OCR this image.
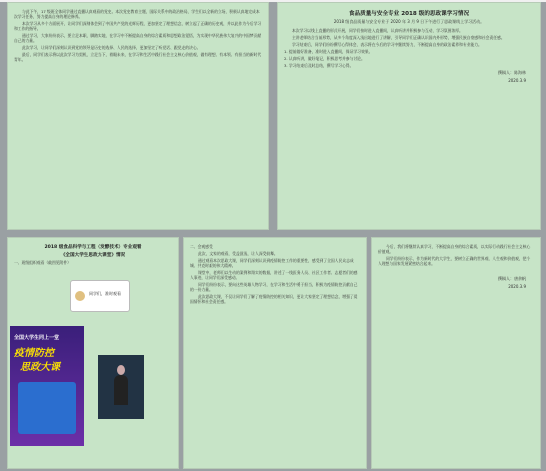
与此下午，17 级班全体同学通过直播认真观看的党史。本次党史教育主题，国际关系中的政治格局，学生们以全新的立场，积极认真地完成本次学习任务，努力提高自身的理论修养。
本次学习从多个方面展开，让同学们深刻体会到了中国共产党的光辉历程，更加坚定了理想信念，树立起了正确的历史观，并以此作为今后学习和工作的指导。
通过学习，大家纷纷表示，要立足本职，脚踏实地，在学习中不断提高自身的综合素质和思想政治觉悟，为实现中华民族伟大复兴的中国梦贡献自己的力量。
此次学习，让同学们深刻认识到党的领导是历史的选择、人民的选择，更加坚定了听党话、跟党走的决心。
最后，同学们表示将以此次学习为契机，立足当下，着眼未来，在学习和生活中践行社会主义核心价值观，做有理想、有本领、有担当的新时代青年。
食品质量与安全专业 2018 级的思政课学习情况
2018 级食品质量与安全专业于 2020 年 3 月 9 日下午进行了思政课线上学习活动。
本次学习以线上直播的形式开展，同学们按时进入直播间，认真听讲并积极参与互动，学习氛围浓厚。
主讲老师结合当前形势，从多个角度深入浅出地进行了讲解，引导同学们正确认识国内外形势，增强民族自豪感和社会责任感。
学习结束后，同学们纷纷撰写心得体会，表示将在今后的学习中继续努力，不断提高自身的政治素养和专业能力。
1. 提前做好准备，准时进入直播间，保证学习效果。
2. 认真听讲，做好笔记，积极思考并参与讨论。
3. 学习结束后及时总结，撰写学习心得。
撰稿人：陈海林
2020.3.9
2018 级食品科学与工程（发酵技术）专业观看
《全国大学生思政大课堂》情况
一、班级组织观看（截图见附件）
同学们，准时观看
全国大学生同上一堂
疫情防控
思政大课
二、会观感受
此次，文家的观看，受益匪浅，让人深受鼓舞。
通过观看本次思政大课，同学们深刻认识到疫情防控工作的重要性，感受到了全国人民众志成城、共克时艰的伟大精神。
课堂中，老师们以生动的案例和翔实的数据，讲述了一线医务人员、社区工作者、志愿者们的感人事迹，让同学们深受感动。
同学们纷纷表示，要向这些英雄人物学习，在学习和生活中勇于担当，积极为疫情防控贡献自己的一份力量。
此次思政大课，不仅让同学们了解了疫情防控的相关知识，更让大家坚定了理想信念，增强了爱国情怀和社会责任感。
今后，我们将继续认真学习，不断提高自身的综合素质，以实际行动践行社会主义核心价值观。
同学们纷纷表示，作为新时代的大学生，要树立正确的世界观、人生观和价值观，把个人理想与国家发展紧密结合起来。
撰稿人：唐余帆
2020.3.9
